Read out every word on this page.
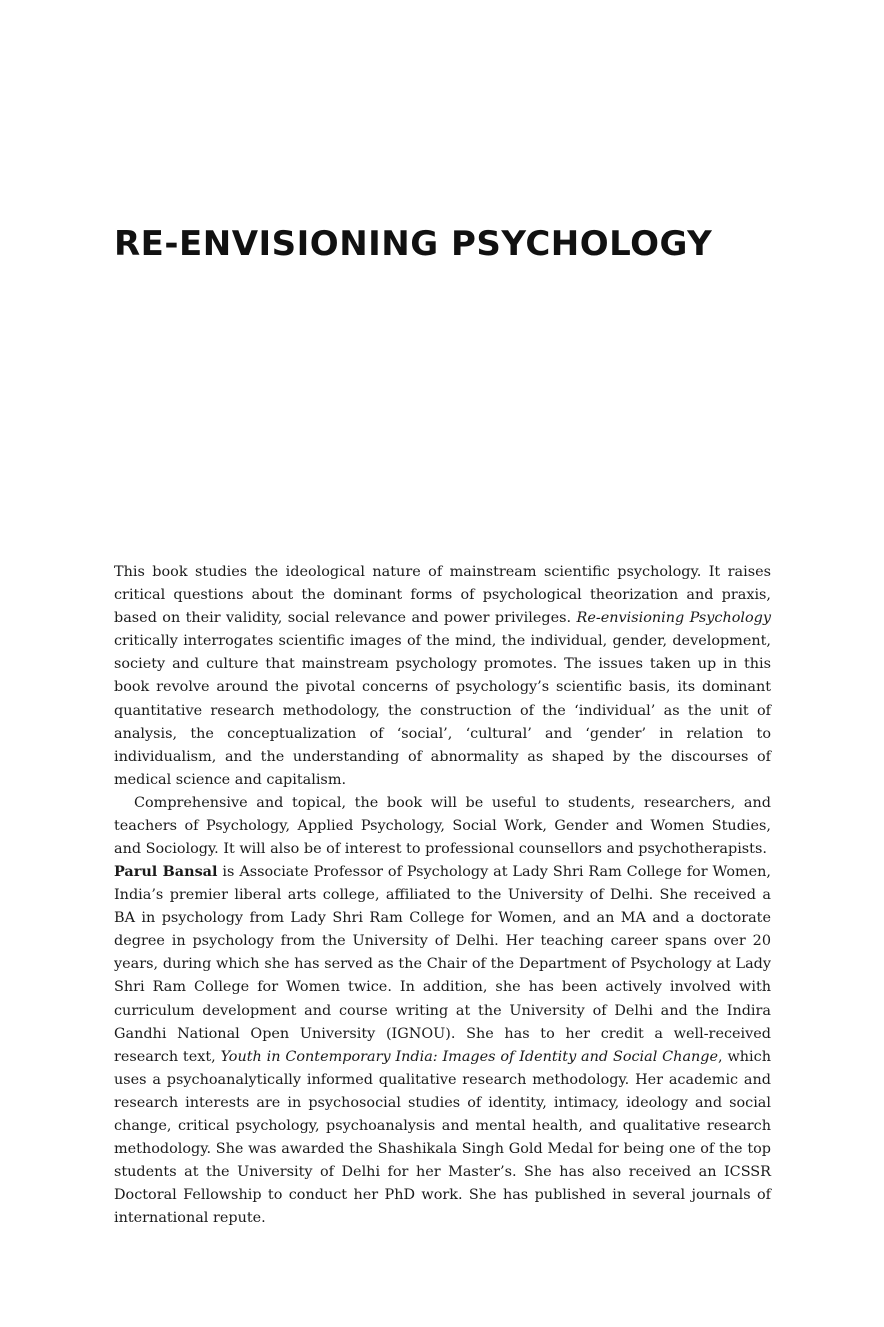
RE-ENVISIONING PSYCHOLOGY

This book studies the ideological nature of mainstream scientific psychology. It raises critical questions about the dominant forms of psychological theorization and praxis, based on their validity, social relevance and power privileges. Re-envisioning Psychology critically interrogates scientific images of the mind, the individual, gender, development, society and culture that mainstream psychology promotes. The issues taken up in this book revolve around the pivotal concerns of psychology’s scientific basis, its dominant quantitative research methodology, the construction of the ‘individual’ as the unit of analysis, the conceptualization of ‘social’, ‘cultural’ and ‘gender’ in relation to individualism, and the understanding of abnormality as shaped by the discourses of medical science and capitalism.

Comprehensive and topical, the book will be useful to students, researchers, and teachers of Psychology, Applied Psychology, Social Work, Gender and Women Studies, and Sociology. It will also be of interest to professional counsellors and psychotherapists.

Parul Bansal is Associate Professor of Psychology at Lady Shri Ram College for Women, India’s premier liberal arts college, affiliated to the University of Delhi. She received a BA in psychology from Lady Shri Ram College for Women, and an MA and a doctorate degree in psychology from the University of Delhi. Her teaching career spans over 20 years, during which she has served as the Chair of the Department of Psychology at Lady Shri Ram College for Women twice. In addition, she has been actively involved with curriculum development and course writing at the University of Delhi and the Indira Gandhi National Open University (IGNOU). She has to her credit a well-received research text, Youth in Contemporary India: Images of Identity and Social Change, which uses a psychoanalytically informed qualitative research methodology. Her academic and research interests are in psychosocial studies of identity, intimacy, ideology and social change, critical psychology, psychoanalysis and mental health, and qualitative research methodology. She was awarded the Shashikala Singh Gold Medal for being one of the top students at the University of Delhi for her Master’s. She has also received an ICSSR Doctoral Fellowship to conduct her PhD work. She has published in several journals of international repute.
